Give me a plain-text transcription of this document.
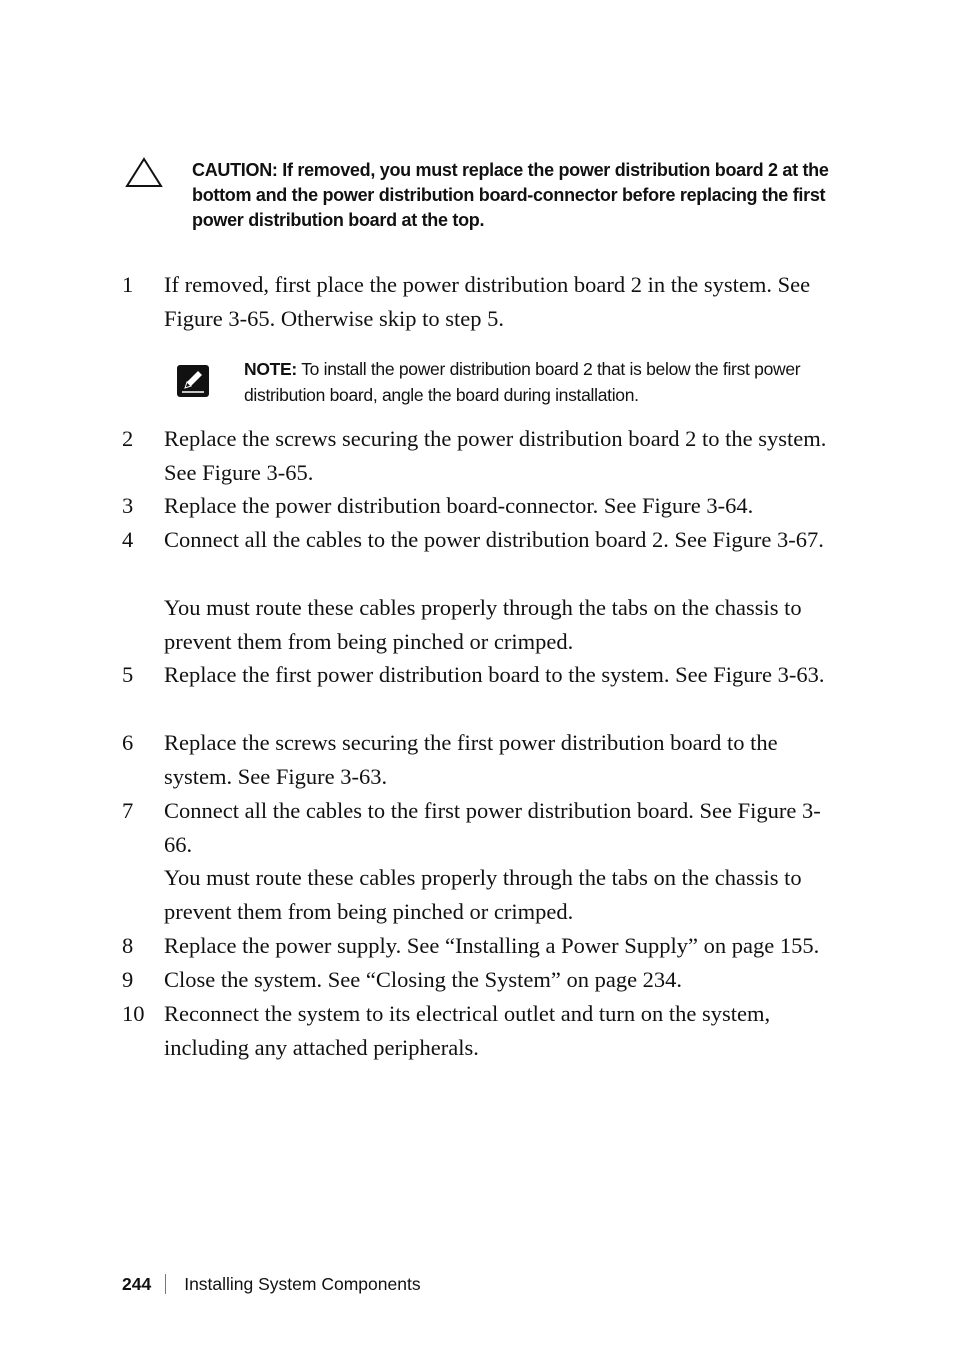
CAUTION: If removed, you must replace the power distribution board 2 at the bottom and the power distribution board-connector before replacing the first power distribution board at the top.
1	If removed, first place the power distribution board 2 in the system. See Figure 3-65. Otherwise skip to step 5.
NOTE: To install the power distribution board 2 that is below the first power distribution board, angle the board during installation.
2	Replace the screws securing the power distribution board 2 to the system. See Figure 3-65.
3	Replace the power distribution board-connector. See Figure 3-64.
4	Connect all the cables to the power distribution board 2. See Figure 3-67.
You must route these cables properly through the tabs on the chassis to prevent them from being pinched or crimped.
5	Replace the first power distribution board to the system. See Figure 3-63.
6	Replace the screws securing the first power distribution board to the system. See Figure 3-63.
7	Connect all the cables to the first power distribution board. See Figure 3-66.
You must route these cables properly through the tabs on the chassis to prevent them from being pinched or crimped.
8	Replace the power supply. See “Installing a Power Supply” on page 155.
9	Close the system. See “Closing the System” on page 234.
10 Reconnect the system to its electrical outlet and turn on the system, including any attached peripherals.
244 Installing System Components
